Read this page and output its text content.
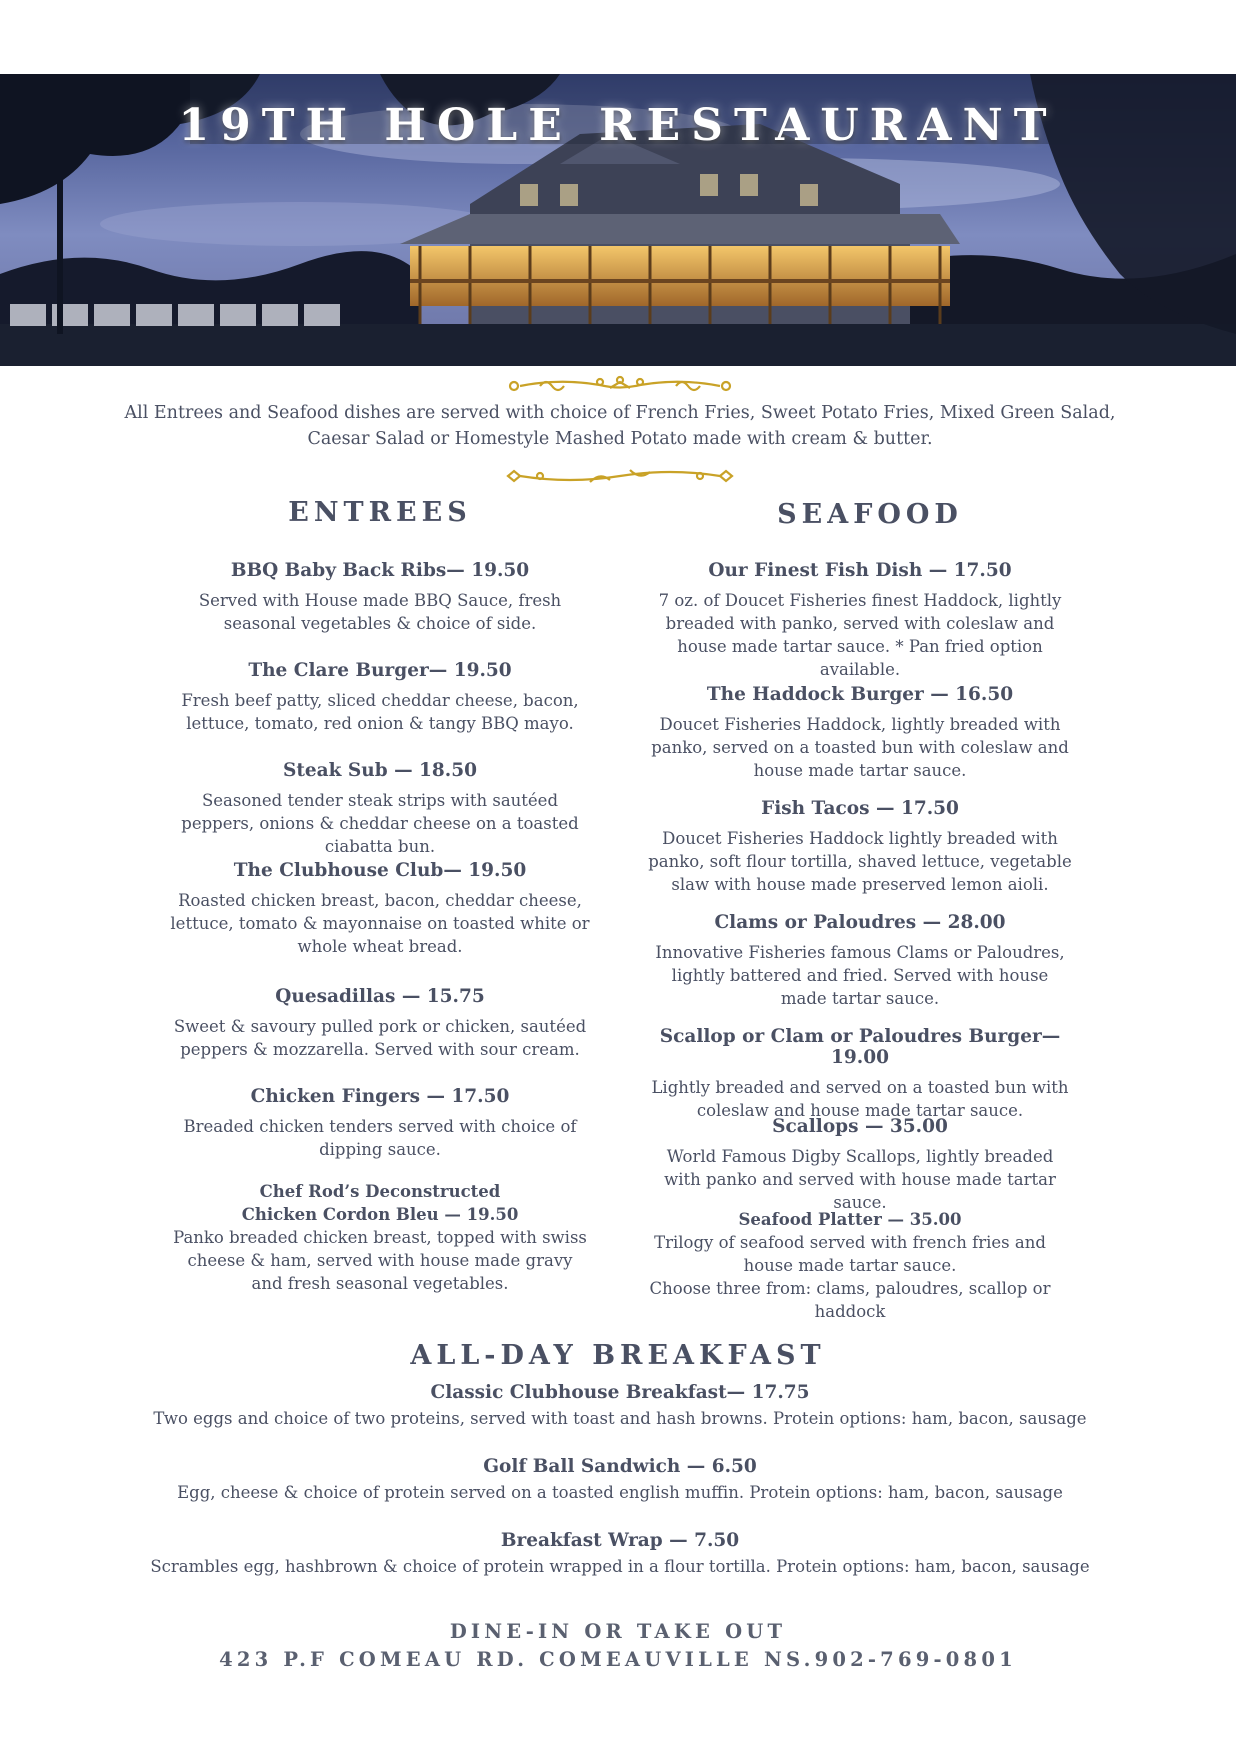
19TH HOLE RESTAURANT
All Entrees and Seafood dishes are served with choice of French Fries, Sweet Potato Fries, Mixed Green Salad, Caesar Salad or Homestyle Mashed Potato made with cream & butter.
ENTREES
BBQ Baby Back Ribs— 19.50
Served with House made BBQ Sauce, fresh seasonal vegetables & choice of side.
The Clare Burger— 19.50
Fresh beef patty, sliced cheddar cheese, bacon, lettuce, tomato, red onion & tangy BBQ mayo.
Steak Sub — 18.50
Seasoned tender steak strips with sautéed peppers, onions & cheddar cheese on a toasted ciabatta bun.
The Clubhouse Club— 19.50
Roasted chicken breast, bacon, cheddar cheese, lettuce, tomato & mayonnaise on toasted white or whole wheat bread.
Quesadillas — 15.75
Sweet & savoury pulled pork or chicken, sautéed peppers & mozzarella. Served with sour cream.
Chicken Fingers — 17.50
Breaded chicken tenders served with choice of dipping sauce.
Chef Rod’s Deconstructed
Chicken Cordon Bleu — 19.50
Panko breaded chicken breast, topped with swiss cheese & ham, served with house made gravy and fresh seasonal vegetables.
SEAFOOD
Our Finest Fish Dish — 17.50
7 oz. of Doucet Fisheries finest Haddock, lightly breaded with panko, served with coleslaw and house made tartar sauce. * Pan fried option available.
The Haddock Burger — 16.50
Doucet Fisheries Haddock, lightly breaded with panko, served on a toasted bun with coleslaw and house made tartar sauce.
Fish Tacos — 17.50
Doucet Fisheries Haddock lightly breaded with panko, soft flour tortilla, shaved lettuce, vegetable slaw with house made preserved lemon aioli.
Clams or Paloudres — 28.00
Innovative Fisheries famous Clams or Paloudres, lightly battered and fried. Served with house made tartar sauce.
Scallop or Clam or Paloudres Burger— 19.00
Lightly breaded and served on a toasted bun with coleslaw and house made tartar sauce.
Scallops — 35.00
World Famous Digby Scallops, lightly breaded with panko and served with house made tartar sauce.
Seafood Platter — 35.00
Trilogy of seafood served with french fries and house made tartar sauce.
Choose three from: clams, paloudres, scallop or haddock
ALL-DAY BREAKFAST
Classic Clubhouse Breakfast— 17.75
Two eggs and choice of two proteins, served with toast and hash browns. Protein options: ham, bacon, sausage
Golf Ball Sandwich — 6.50
Egg, cheese & choice of protein served on a toasted english muffin. Protein options: ham, bacon, sausage
Breakfast Wrap — 7.50
Scrambles egg, hashbrown & choice of protein wrapped in a flour tortilla. Protein options: ham, bacon, sausage
DINE-IN OR TAKE OUT
423 P.F COMEAU RD. COMEAUVILLE NS.902-769-0801
